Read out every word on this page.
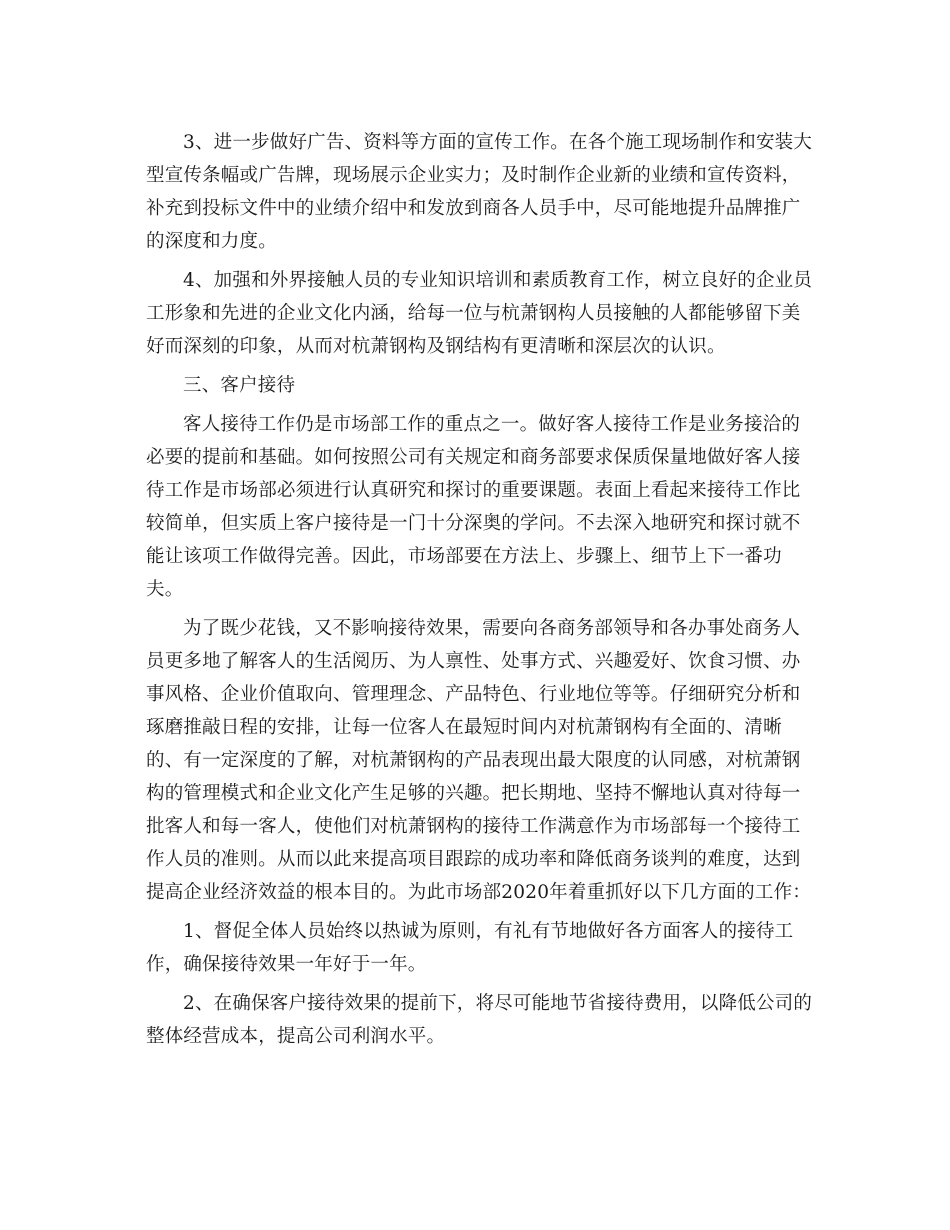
3、进一步做好广告、资料等方面的宣传工作。在各个施工现场制作和安装大
型宣传条幅或广告牌，现场展示企业实力；及时制作企业新的业绩和宣传资料，
补充到投标文件中的业绩介绍中和发放到商各人员手中，尽可能地提升品牌推广
的深度和力度。
4、加强和外界接触人员的专业知识培训和素质教育工作，树立良好的企业员
工形象和先进的企业文化内涵，给每一位与杭萧钢构人员接触的人都能够留下美
好而深刻的印象，从而对杭萧钢构及钢结构有更清晰和深层次的认识。
三、客户接待
客人接待工作仍是市场部工作的重点之一。做好客人接待工作是业务接洽的
必要的提前和基础。如何按照公司有关规定和商务部要求保质保量地做好客人接
待工作是市场部必须进行认真研究和探讨的重要课题。表面上看起来接待工作比
较简单，但实质上客户接待是一门十分深奥的学问。不去深入地研究和探讨就不
能让该项工作做得完善。因此，市场部要在方法上、步骤上、细节上下一番功
夫。
为了既少花钱，又不影响接待效果，需要向各商务部领导和各办事处商务人
员更多地了解客人的生活阅历、为人禀性、处事方式、兴趣爱好、饮食习惯、办
事风格、企业价值取向、管理理念、产品特色、行业地位等等。仔细研究分析和
琢磨推敲日程的安排，让每一位客人在最短时间内对杭萧钢构有全面的、清晰
的、有一定深度的了解，对杭萧钢构的产品表现出最大限度的认同感，对杭萧钢
构的管理模式和企业文化产生足够的兴趣。把长期地、坚持不懈地认真对待每一
批客人和每一客人，使他们对杭萧钢构的接待工作满意作为市场部每一个接待工
作人员的准则。从而以此来提高项目跟踪的成功率和降低商务谈判的难度，达到
提高企业经济效益的根本目的。为此市场部2020年着重抓好以下几方面的工作：
1、督促全体人员始终以热诚为原则，有礼有节地做好各方面客人的接待工
作，确保接待效果一年好于一年。
2、在确保客户接待效果的提前下，将尽可能地节省接待费用，以降低公司的
整体经营成本，提高公司利润水平。
